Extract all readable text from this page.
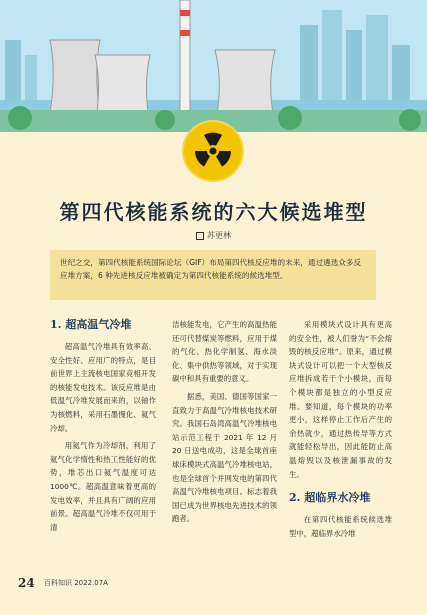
第四代核能系统的六大候选堆型
苏更林
世纪之交，第四代核能系统国际论坛（GIF）布局第四代核反应堆的未来，通过遴选众多反应堆方案，6 种先进核反应堆被确定为第四代核能系统的候选堆型。
1. 超高温气冷堆

超高温气冷堆具有效率高、安全性好、应用广的特点，是目前世界上主流核电国家竞相开发的核能发电技术。该反应堆是由低温气冷堆发展而来的，以铀作为核燃料，采用石墨慢化、氦气冷却。

用氦气作为冷却剂，利用了氦气化学惰性和热工性能好的优势，堆芯出口氦气温度可达 1000℃。超高温意味着更高的发电效率，并且具有广阔的应用前景。超高温气冷堆不仅可用于清

洁核能发电，它产生的高温热能还可代替煤炭等燃料，应用于煤的气化、热化学制氢、海水淡化、集中供热等领域，对于实现碳中和具有重要的意义。

据悉，美国、德国等国家一直致力于高温气冷堆核电技术研究。我国石岛湾高温气冷堆核电站示范工程于 2021 年 12 月 20 日送电成功，这是全球首座球床模块式高温气冷堆核电站，也是全球首个并网发电的第四代高温气冷堆核电项目。标志着我国已成为世界核电先进技术的领跑者。

采用模块式设计具有更高的安全性，被人们誉为“不会熔毁的核反应堆”。原来，通过模块式设计可以把一个大型核反应堆拆成若干个小模块，而每个模块都是独立的小型反应堆。要知道，每个模块的功率更小，这样停止工作后产生的余热就少，通过热传导等方式就能轻松导出，因此能防止高温熔毁以及核泄漏事故的发生。

2. 超临界水冷堆

在第四代核能系统候选堆型中，超临界水冷堆

24 百科知识 2022.07A
